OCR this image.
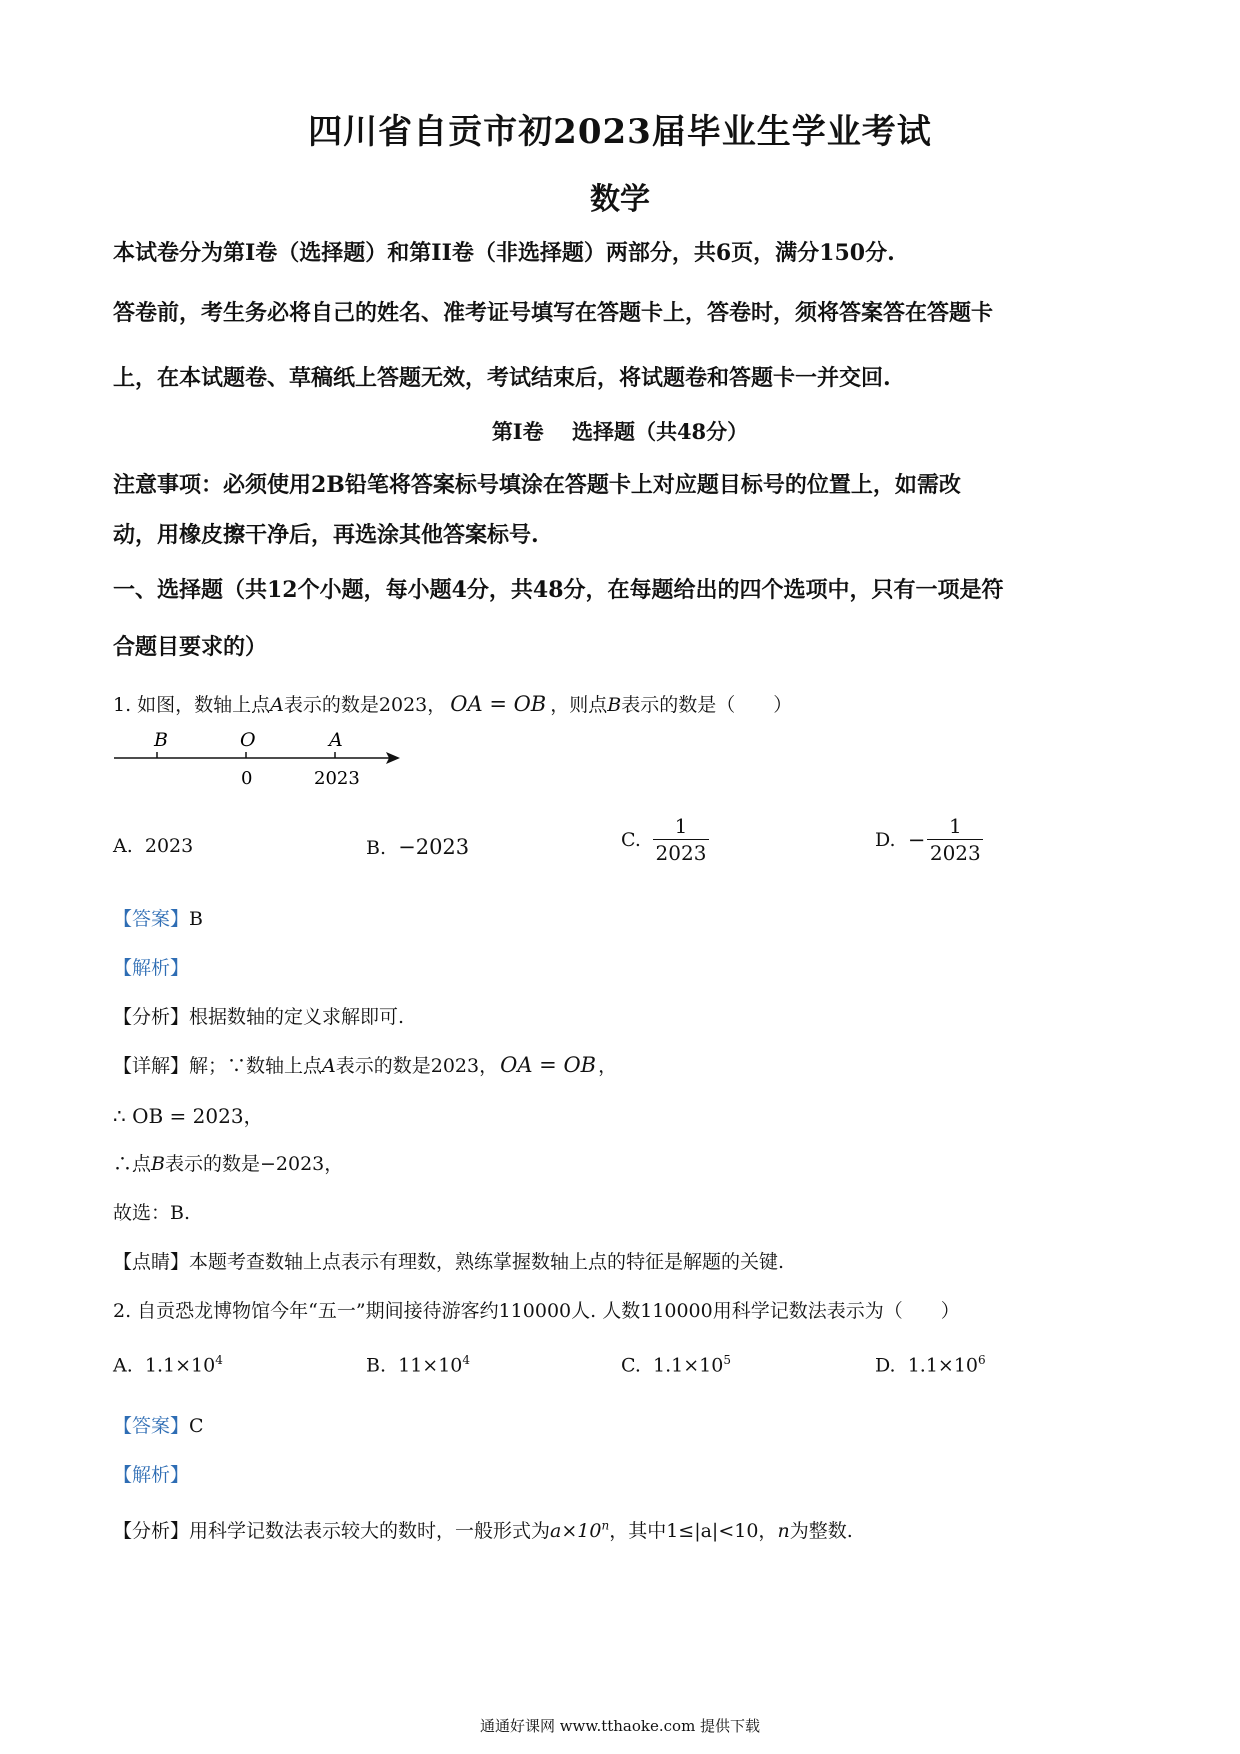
四川省自贡市初2023届毕业生学业考试
数学
本试卷分为第I卷（选择题）和第II卷（非选择题）两部分，共6页，满分150分.
答卷前，考生务必将自己的姓名、准考证号填写在答题卡上，答卷时，须将答案答在答题卡
上，在本试题卷、草稿纸上答题无效，考试结束后，将试题卷和答题卡一并交回.
第I卷　 选择题（共48分）
注意事项：必须使用2B铅笔将答案标号填涂在答题卡上对应题目标号的位置上，如需改
动，用橡皮擦干净后，再选涂其他答案标号.
一、选择题（共12个小题，每小题4分，共48分，在每题给出的四个选项中，只有一项是符
合题目要求的）
1. 如图，数轴上点A表示的数是2023， OA = OB ，则点B表示的数是（　　）
B	O	A
0	2023
A. 2023	B. −2023	C.
$\frac{1}{2023}$	D.
− $\frac{1}{2023}$
【答案】B
【解析】
【分析】根据数轴的定义求解即可.
【详解】解；∵数轴上点A表示的数是2023，OA = OB ，
∴ OB = 2023，
∴点B表示的数是−2023，
故选：B.
【点睛】本题考查数轴上点表示有理数，熟练掌握数轴上点的特征是解题的关键.
2. 自贡恐龙博物馆今年“五一”期间接待游客约110000人. 人数110000用科学记数法表示为（　　）
A. $1.1\times 10^4$	B. $11\times 10^4$	C. $1.1\times 10^5$	D. $1.1\times 10^6$
【答案】C
【解析】
【分析】用科学记数法表示较大的数时，一般形式为$a\times 10^n$，其中1≤|a|<10，n为整数.
通通好课网 www.tthaoke.com 提供下载
